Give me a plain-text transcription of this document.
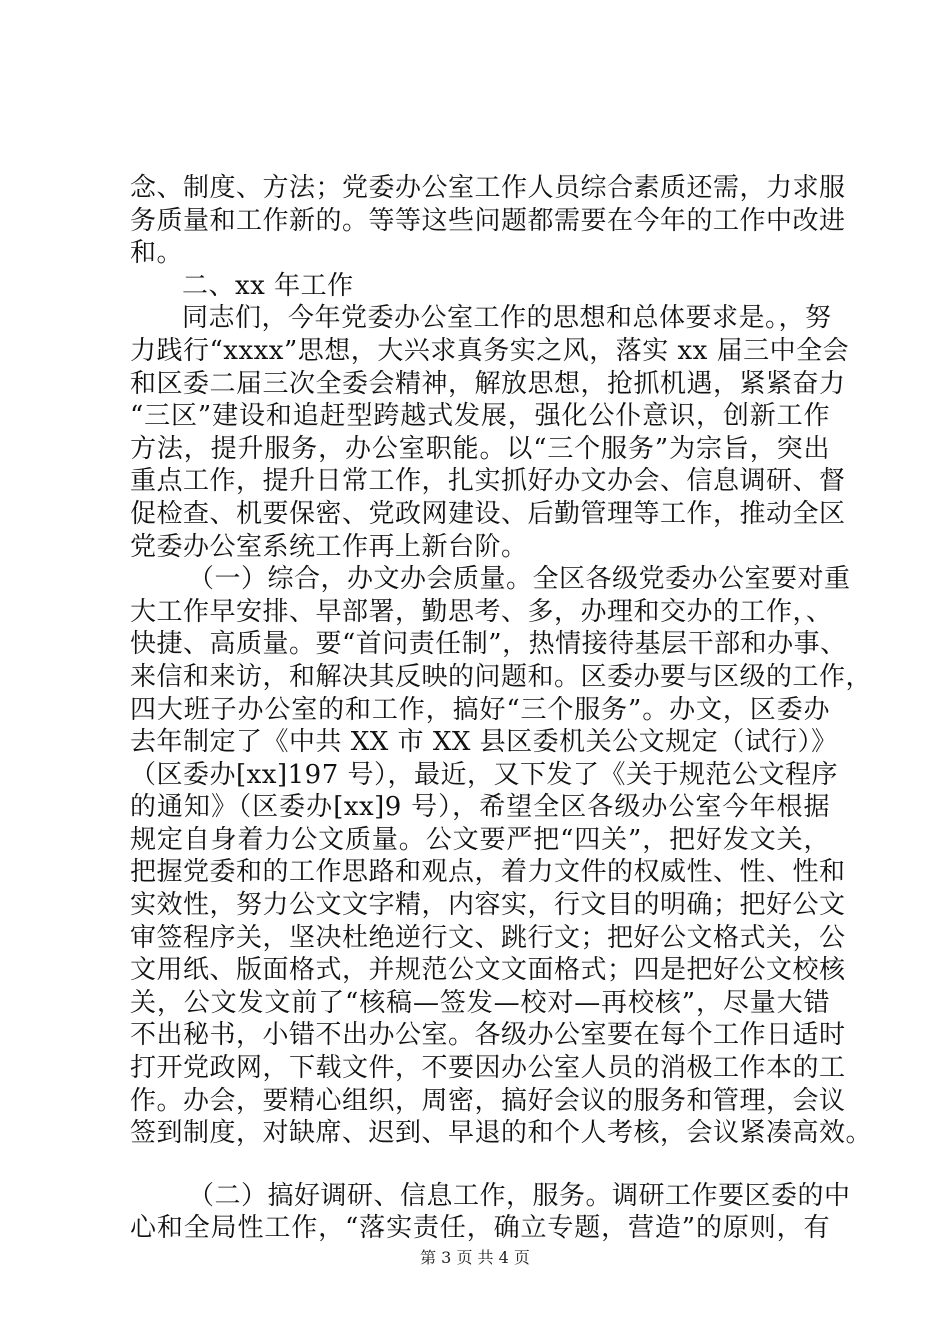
念、制度、方法；党委办公室工作人员综合素质还需，力求服
务质量和工作新的。等等这些问题都需要在今年的工作中改进
和。
二、xx 年工作
同志们，今年党委办公室工作的思想和总体要求是。，努
力践行“xxxx”思想，大兴求真务实之风，落实 xx 届三中全会
和区委二届三次全委会精神，解放思想，抢抓机遇，紧紧奋力
“三区”建设和追赶型跨越式发展，强化公仆意识，创新工作
方法，提升服务，办公室职能。以“三个服务”为宗旨，突出
重点工作，提升日常工作，扎实抓好办文办会、信息调研、督
促检查、机要保密、党政网建设、后勤管理等工作，推动全区
党委办公室系统工作再上新台阶。
（一）综合，办文办会质量。全区各级党委办公室要对重
大工作早安排、早部署，勤思考、多，办理和交办的工作，、
快捷、高质量。要“首问责任制”，热情接待基层干部和办事、
来信和来访，和解决其反映的问题和。区委办要与区级的工作，
四大班子办公室的和工作，搞好“三个服务”。办文，区委办
去年制定了《中共 XX 市 XX 县区委机关公文规定（试行）》
（区委办[xx]197 号），最近，又下发了《关于规范公文程序
的通知》（区委办[xx]9 号），希望全区各级办公室今年根据
规定自身着力公文质量。公文要严把“四关”，把好发文关，
把握党委和的工作思路和观点，着力文件的权威性、性、性和
实效性，努力公文文字精，内容实，行文目的明确；把好公文
审签程序关，坚决杜绝逆行文、跳行文；把好公文格式关，公
文用纸、版面格式，并规范公文文面格式；四是把好公文校核
关，公文发文前了“核稿—签发—校对—再校核”，尽量大错
不出秘书，小错不出办公室。各级办公室要在每个工作日适时
打开党政网，下载文件，不要因办公室人员的消极工作本的工
作。办会，要精心组织，周密，搞好会议的服务和管理，会议
签到制度，对缺席、迟到、早退的和个人考核，会议紧凑高效。
（二）搞好调研、信息工作，服务。调研工作要区委的中
心和全局性工作，“落实责任，确立专题，营造”的原则，有
第 3 页 共 4 页
